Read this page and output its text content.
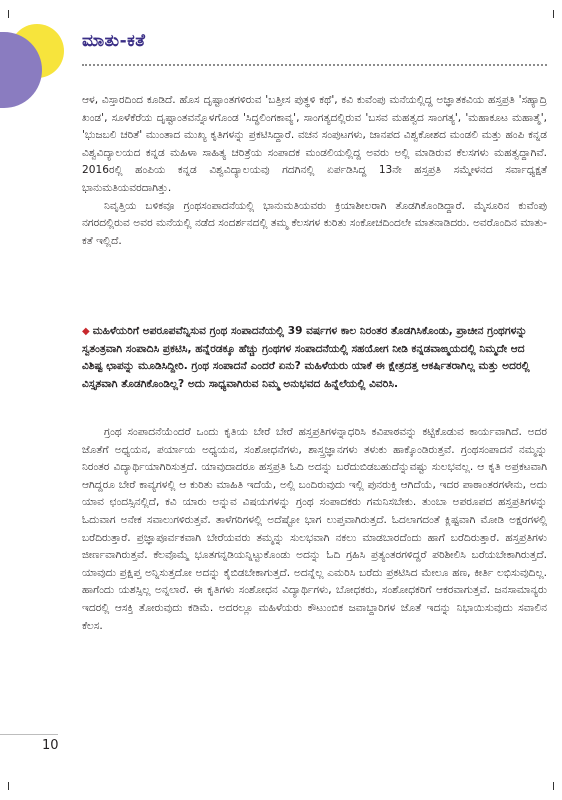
ಮಾತು-ಕತೆ

ಆಳ, ವಿಸ್ತಾರದಿಂದ ಕೂಡಿದೆ. ಹೊಸ ದೃಷ್ಟಾಂತಗಳಿರುವ 'ಬತ್ತೀಸ ಪುತ್ಥಳಿ ಕಥೆ', ಕವಿ ಕುವೆಂಪು ಮನೆಯಲ್ಲಿದ್ದ ಅಜ್ಞಾತಕವಿಯ ಹಸ್ತಪ್ರತಿ 'ಸಹ್ಯಾದ್ರಿ ಖಂಡ', ಸೂಳೆಕೆರೆಯ ದೃಷ್ಟಾಂತವನ್ನೊಳಗೊಂಡ 'ಸಿದ್ಧಲಿಂಗಕಾವ್ಯ', ಸಾಂಗತ್ಯದಲ್ಲಿರುವ 'ಬಸವ ಮಹತ್ವದ ಸಾಂಗತ್ಯ', 'ಮಹಾಕೂಟ ಮಹಾತ್ಮೆ', 'ಭುಜಬಲಿ ಚರಿತೆ' ಮುಂತಾದ ಮುಖ್ಯ ಕೃತಿಗಳನ್ನು ಪ್ರಕಟಿಸಿದ್ದಾರೆ. ವಚನ ಸಂಪುಟಗಳು, ಜಾನಪದ ವಿಶ್ವಕೋಶದ ಮಂಡಲಿ ಮತ್ತು ಹಂಪಿ ಕನ್ನಡ ವಿಶ್ವವಿದ್ಯಾಲಯದ ಕನ್ನಡ ಮಹಿಳಾ ಸಾಹಿತ್ಯ ಚರಿತ್ರೆಯ ಸಂಪಾದಕ ಮಂಡಲಿಯಲ್ಲಿದ್ದ ಅವರು ಅಲ್ಲಿ ಮಾಡಿರುವ ಕೆಲಸಗಳು ಮಹತ್ವದ್ದಾಗಿವೆ. 2016ರಲ್ಲಿ ಹಂಪಿಯ ಕನ್ನಡ ವಿಶ್ವವಿದ್ಯಾಲಯವು ಗದಗಿನಲ್ಲಿ ಏರ್ಪಡಿಸಿದ್ದ 13ನೇ ಹಸ್ತಪ್ರತಿ ಸಮ್ಮೇಳನದ ಸರ್ವಾಧ್ಯಕ್ಷತೆ ಭಾನುಮತಿಯವರದಾಗಿತ್ತು.

ನಿವೃತ್ತಿಯ ಬಳಿಕವೂ ಗ್ರಂಥಸಂಪಾದನೆಯಲ್ಲಿ ಭಾನುಮತಿಯವರು ಕ್ರಿಯಾಶೀಲರಾಗಿ ತೊಡಗಿಕೊಂಡಿದ್ದಾರೆ. ಮೈಸೂರಿನ ಕುವೆಂಪು ನಗರದಲ್ಲಿರುವ ಅವರ ಮನೆಯಲ್ಲಿ ನಡೆದ ಸಂದರ್ಶನದಲ್ಲಿ ತಮ್ಮ ಕೆಲಸಗಳ ಕುರಿತು ಸಂಕೋಚದಿಂದಲೇ ಮಾತನಾಡಿದರು. ಅವರೊಂದಿನ ಮಾತು-ಕತೆ ಇಲ್ಲಿದೆ.

◆ ಮಹಿಳೆಯರಿಗೆ ಅಪರೂಪವೆನ್ನಿಸುವ ಗ್ರಂಥ ಸಂಪಾದನೆಯಲ್ಲಿ 39 ವರ್ಷಗಳ ಕಾಲ ನಿರಂತರ ತೊಡಗಿಸಿಕೊಂಡು, ಪ್ರಾಚೀನ ಗ್ರಂಥಗಳನ್ನು ಸ್ವತಂತ್ರವಾಗಿ ಸಂಪಾದಿಸಿ ಪ್ರಕಟಿಸಿ, ಹನ್ನೆರಡಕ್ಕೂ ಹೆಚ್ಚು ಗ್ರಂಥಗಳ ಸಂಪಾದನೆಯಲ್ಲಿ ಸಹಯೋಗ ನೀಡಿ ಕನ್ನಡವಾಙ್ಮಯದಲ್ಲಿ ನಿಮ್ಮದೇ ಆದ ವಿಶಿಷ್ಟ ಛಾಪನ್ನು ಮೂಡಿಸಿದ್ದೀರಿ. ಗ್ರಂಥ ಸಂಪಾದನೆ ಎಂದರೆ ಏನು? ಮಹಿಳೆಯರು ಯಾಕೆ ಈ ಕ್ಷೇತ್ರದತ್ತ ಆಕರ್ಷಿತರಾಗಿಲ್ಲ ಮತ್ತು ಅದರಲ್ಲಿ ವಿಸ್ತೃತವಾಗಿ ತೊಡಗಿಕೊಂಡಿಲ್ಲ? ಅದು ಸಾಧ್ಯವಾಗಿರುವ ನಿಮ್ಮ ಅನುಭವದ ಹಿನ್ನೆಲೆಯಲ್ಲಿ ವಿವರಿಸಿ.

ಗ್ರಂಥ ಸಂಪಾದನೆಯೆಂದರೆ ಒಂದು ಕೃತಿಯ ಬೇರೆ ಬೇರೆ ಹಸ್ತಪ್ರತಿಗಳನ್ನಾಧರಿಸಿ ಕವಿಪಾಠವನ್ನು ಕಟ್ಟಿಕೊಡುವ ಕಾರ್ಯವಾಗಿದೆ. ಅದರ ಜೊತೆಗೆ ಅಧ್ಯಯನ, ಪರ್ಯಾಯ ಅಧ್ಯಯನ, ಸಂಶೋಧನೆಗಳು, ಶಾಸ್ತ್ರಜ್ಞಾನಗಳು ತಳುಕು ಹಾಕ್ಕೊಂಡಿರುತ್ತವೆ. ಗ್ರಂಥಸಂಪಾದನೆ ನಮ್ಮನ್ನು ನಿರಂತರ ವಿದ್ಯಾರ್ಥಿಯಾಗಿರಿಸುತ್ತದೆ. ಯಾವುದಾದರೂ ಹಸ್ತಪ್ರತಿ ಓದಿ ಅದನ್ನು ಬರೆದುಬಿಡಬಹುದೆನ್ನುವಷ್ಟು ಸುಲಭವಲ್ಲ. ಆ ಕೃತಿ ಅಪ್ರಕಟವಾಗಿ ಆಗಿದ್ದರೂ ಬೇರೆ ಕಾವ್ಯಗಳಲ್ಲಿ ಆ ಕುರಿತು ಮಾಹಿತಿ ಇದೆಯೆ, ಅಲ್ಲಿ ಬಂದಿರುವುದು ಇಲ್ಲಿ ಪುನರುಕ್ತಿ ಆಗಿದೆಯೆ, ಇದರ ಪಾಠಾಂತರಗಳೇನು, ಅದು ಯಾವ ಛಂದಸ್ಸಿನಲ್ಲಿದೆ, ಕವಿ ಯಾರು ಅನ್ನುವ ವಿಷಯಗಳನ್ನು ಗ್ರಂಥ ಸಂಪಾದಕರು ಗಮನಿಸಬೇಕು. ತುಂಬಾ ಅಪರೂಪದ ಹಸ್ತಪ್ರತಿಗಳನ್ನು ಓದುವಾಗ ಅನೇಕ ಸವಾಲುಗಳಿರುತ್ತವೆ. ತಾಳೆಗರಿಗಳಲ್ಲಿ ಅದೆಷ್ಟೋ ಭಾಗ ಲುಪ್ತವಾಗಿರುತ್ತದೆ. ಓದಲಾಗದಂತೆ ಕ್ಲಿಷ್ಟವಾಗಿ ಮೋಡಿ ಅಕ್ಷರಗಳಲ್ಲಿ ಬರೆದಿರುತ್ತಾರೆ. ಪ್ರಜ್ಞಾಪೂರ್ವಕವಾಗಿ ಬೇರೆಯವರು ತಮ್ಮನ್ನು ಸುಲಭವಾಗಿ ನಕಲು ಮಾಡಬಾರದೆಂದು ಹಾಗೆ ಬರೆದಿರುತ್ತಾರೆ. ಹಸ್ತಪ್ರತಿಗಳು ಜೀರ್ಣವಾಗಿರುತ್ತವೆ. ಕೆಲವೊಮ್ಮೆ ಭೂತಗನ್ನಡಿಯನ್ನಿಟ್ಟುಕೊಂಡು ಅದನ್ನು ಓದಿ ಗ್ರಹಿಸಿ ಪ್ರತ್ಯಂತರಗಳಿದ್ದರೆ ಪರಿಶೀಲಿಸಿ ಬರೆಯಬೇಕಾಗಿರುತ್ತದೆ. ಯಾವುದು ಪ್ರಕ್ಷಿಪ್ತ ಅನ್ನಿಸುತ್ತದೋ ಅದನ್ನು ಕೈಬಿಡಬೇಕಾಗುತ್ತದೆ. ಅದನ್ನೆಲ್ಲ ಎಮರಿಸಿ ಬರೆದು ಪ್ರಕಟಿಸಿದ ಮೇಲೂ ಹಣ, ಕೀರ್ತಿ ಲಭಿಸುವುದಿಲ್ಲ. ಹಾಗೆಂದು ಯಶಸ್ಸಿಲ್ಲ ಅನ್ನಲಾರೆ. ಈ ಕೃತಿಗಳು ಸಂಶೋಧನ ವಿದ್ಯಾರ್ಥಿಗಳು, ಬೋಧಕರು, ಸಂಶೋಧಕರಿಗೆ ಆಕರವಾಗುತ್ತವೆ. ಜನಸಾಮಾನ್ಯರು ಇದರಲ್ಲಿ ಆಸಕ್ತಿ ತೋರುವುದು ಕಡಿಮೆ. ಅದರಲ್ಲೂ ಮಹಿಳೆಯರು ಕೌಟುಂಬಿಕ ಜವಾಬ್ದಾರಿಗಳ ಜೊತೆ ಇದನ್ನು ನಿಭಾಯಿಸುವುದು ಸವಾಲಿನ ಕೆಲಸ.

10
